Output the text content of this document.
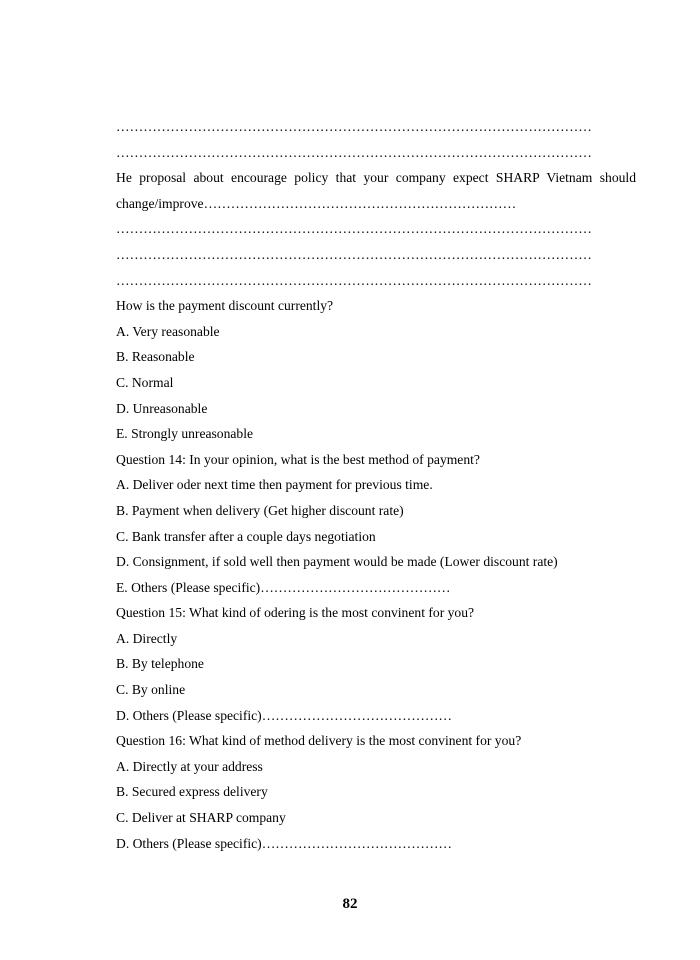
……………………………………………………………………………………………
……………………………………………………………………………………………
He proposal about encourage policy that your company expect SHARP Vietnam should change/improve……………………………………………………………
……………………………………………………………………………………………
……………………………………………………………………………………………
……………………………………………………………………………………………
How is the payment discount currently?
A. Very reasonable
B. Reasonable
C. Normal
D. Unreasonable
E. Strongly unreasonable
Question 14: In your opinion, what is the best method of payment?
A. Deliver oder next time then payment for previous time.
B. Payment when delivery (Get higher discount rate)
C. Bank transfer after a couple days negotiation
D. Consignment, if sold well then payment would be made (Lower discount rate)
E. Others (Please specific)……………………………………
Question 15: What kind of odering is the most convinent for you?
A. Directly
B. By telephone
C. By online
D. Others (Please specific)……………………………………
Question 16: What kind of method delivery is the most convinent for you?
A. Directly at your address
B. Secured express delivery
C. Deliver at SHARP company
D. Others (Please specific)……………………………………
82
